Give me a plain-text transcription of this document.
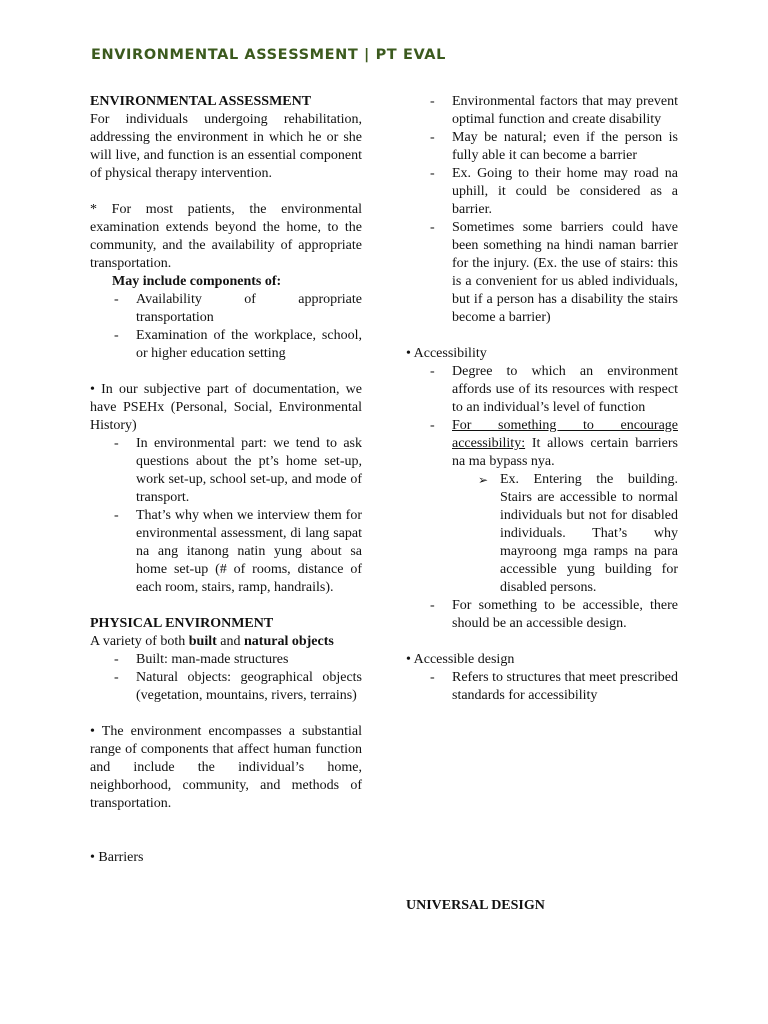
ENVIRONMENTAL ASSESSMENT | PT EVAL

ENVIRONMENTAL ASSESSMENT

For individuals undergoing rehabilitation, addressing the environment in which he or she will live, and function is an essential component of physical therapy intervention.

* For most patients, the environmental examination extends beyond the home, to the community, and the availability of appropriate transportation.

May include components of:

- Availability of appropriate transportation
- Examination of the workplace, school, or higher education setting

• In our subjective part of documentation, we have PSEHx (Personal, Social, Environmental History)

- In environmental part: we tend to ask questions about the pt’s home set-up, work set-up, school set-up, and mode of transport.
- That’s why when we interview them for environmental assessment, di lang sapat na ang itanong natin yung about sa home set-up (# of rooms, distance of each room, stairs, ramp, handrails).

PHYSICAL ENVIRONMENT

A variety of both built and natural objects

- Built: man-made structures
- Natural objects: geographical objects (vegetation, mountains, rivers, terrains)

• The environment encompasses a substantial range of components that affect human function and include the individual’s home, neighborhood, community, and methods of transportation.

• Barriers

- Environmental factors that may prevent optimal function and create disability
- May be natural; even if the person is fully able it can become a barrier
- Ex. Going to their home may road na uphill, it could be considered as a barrier.
- Sometimes some barriers could have been something na hindi naman barrier for the injury. (Ex. the use of stairs: this is a convenient for us abled individuals, but if a person has a disability the stairs become a barrier)

• Accessibility

- Degree to which an environment affords use of its resources with respect to an individual’s level of function
- For something to encourage accessibility: It allows certain barriers na ma bypass nya.
➢ Ex. Entering the building. Stairs are accessible to normal individuals but not for disabled individuals. That’s why mayroong mga ramps na para accessible yung building for disabled persons.
- For something to be accessible, there should be an accessible design.

• Accessible design

- Refers to structures that meet prescribed standards for accessibility

UNIVERSAL DESIGN
